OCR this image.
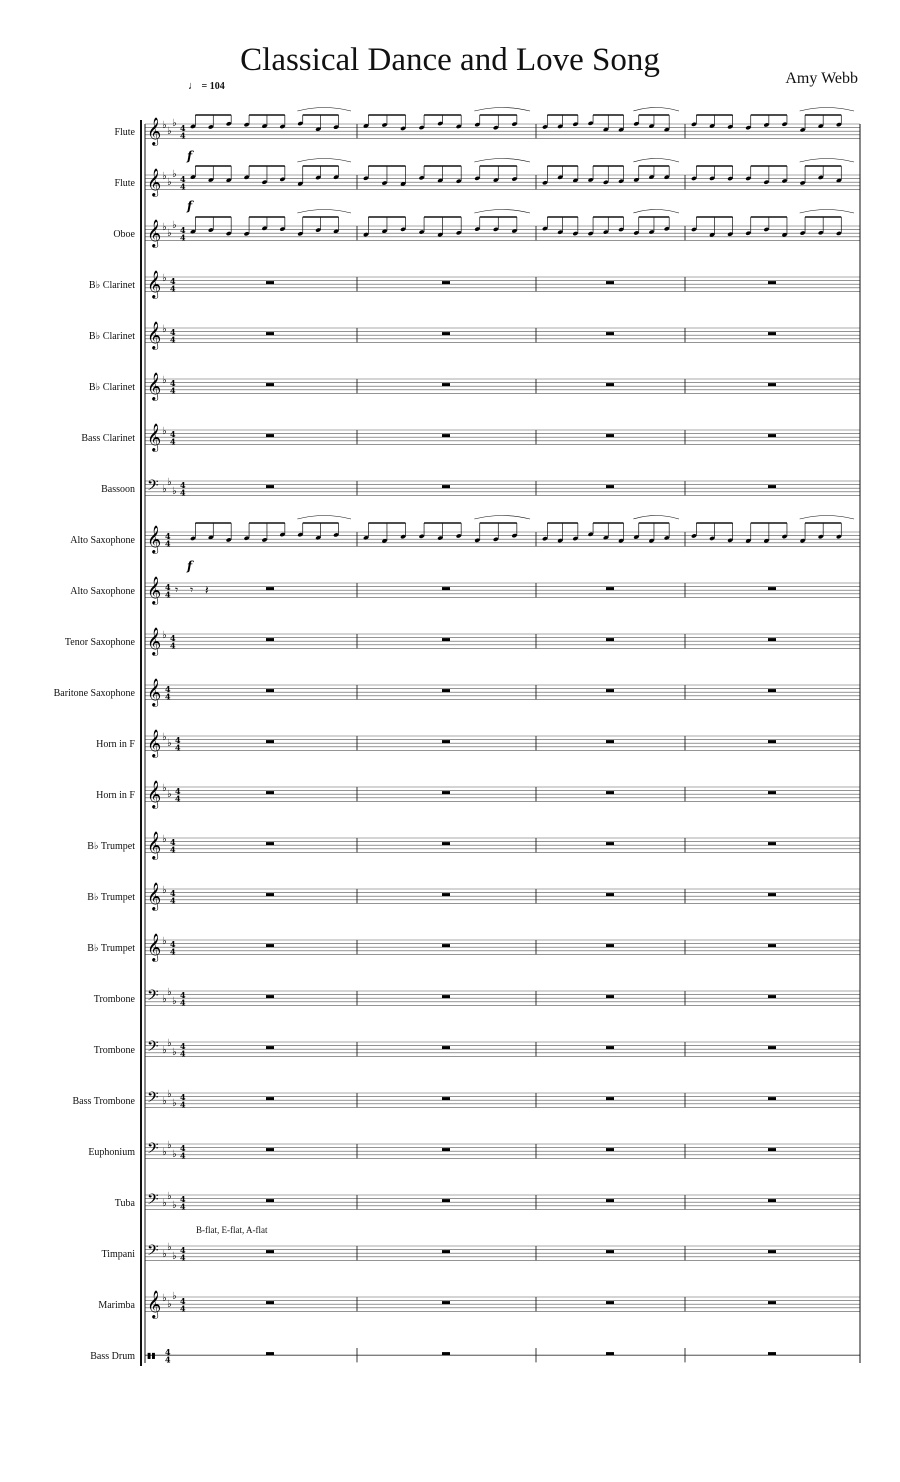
Classical Dance and Love Song
Amy Webb
♩ = 104
B-flat, E-flat, A-flat
Flute
Flute
Oboe
B♭ Clarinet
B♭ Clarinet
B♭ Clarinet
Bass Clarinet
Bassoon
Alto Saxophone
Alto Saxophone
Tenor Saxophone
Baritone Saxophone
Horn in F
Horn in F
B♭ Trumpet
B♭ Trumpet
B♭ Trumpet
Trombone
Trombone
Bass Trombone
Euphonium
Tuba
Timpani
Marimba
Bass Drum
𝄞 ♭
♭
♭ 4
4
𝄞 ♭
♭
♭ 4
4
𝄞 ♭
♭
♭ 4
4
𝄞 ♭ 4
4
𝄞 ♭ 4
4
𝄞 ♭ 4
4
𝄞 ♭ 4
4
𝄢 ♭
♭
♭
4
4
𝄞 4
4
𝄞 4
4
𝄞 ♭ 4
4
𝄞 4
4
𝄞 ♭
♭ 4
4
𝄞 ♭
♭ 4
4
𝄞 ♭ 4
4
𝄞 ♭ 4
4
𝄞 ♭ 4
4
𝄢 ♭
♭
♭
4
4
𝄢 ♭
♭
♭
4
4
𝄢 ♭
♭
♭
4
4
𝄢 ♭
♭
♭
4
4
𝄢 ♭
♭
♭
4
4
𝄢 ♭
♭
♭
4
4
𝄞 ♭
♭
♭ 4
4
▮▮ 4
4
f
f
f
𝄾 𝄾 𝄽
